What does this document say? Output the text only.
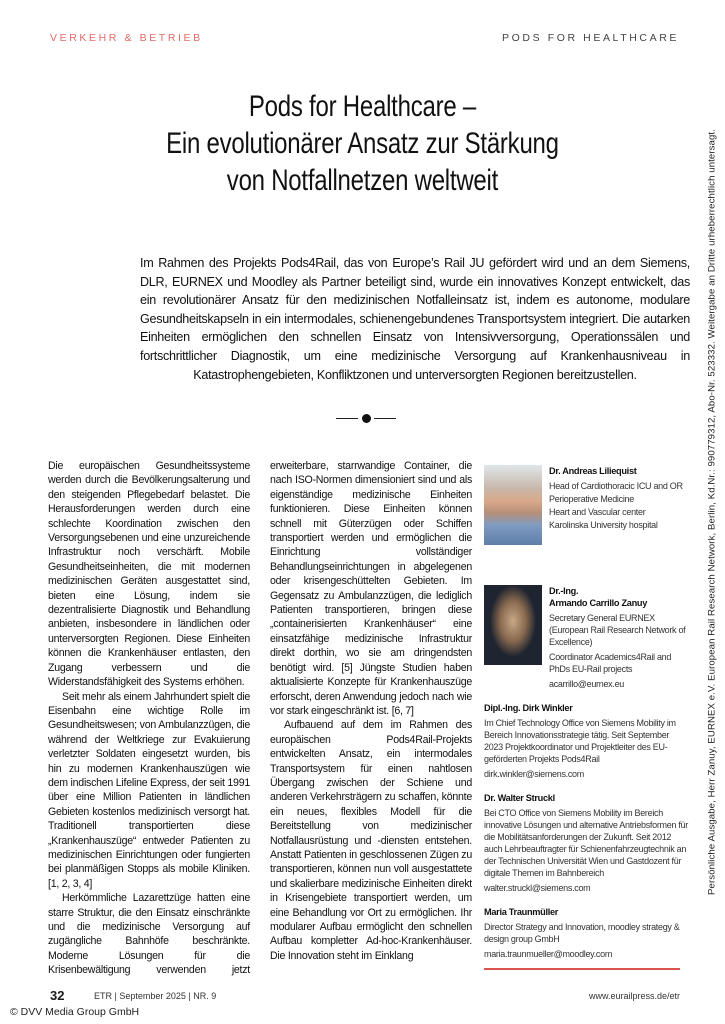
VERKEHR & BETRIEB	PODS FOR HEALTHCARE
Pods for Healthcare –
Ein evolutionärer Ansatz zur Stärkung
von Notfallnetzen weltweit
Im Rahmen des Projekts Pods4Rail, das von Europe’s Rail JU gefördert wird und an dem Siemens, DLR, EURNEX und Moodley als Partner beteiligt sind, wurde ein innovatives Konzept entwickelt, das ein revolutionärer Ansatz für den medizinischen Notfalleinsatz ist, indem es autonome, modulare Gesundheitskapseln in ein intermodales, schienengebundenes Transportsystem integriert. Die autarken Einheiten ermöglichen den schnellen Einsatz von Intensivversorgung, Operationssälen und fortschrittlicher Diagnostik, um eine medizinische Versorgung auf Krankenhausniveau in Katastrophengebieten, Konfliktzonen und unterversorgten Regionen bereitzustellen.

Die europäischen Gesundheitssysteme werden durch die Bevölkerungsalterung und den steigenden Pflegebedarf belastet. Die Herausforderungen werden durch eine schlechte Koordination zwischen den Versorgungsebenen und eine unzureichende Infrastruktur noch verschärft. Mobile Gesundheitseinheiten, die mit modernen medizinischen Geräten ausgestattet sind, bieten eine Lösung, indem sie dezentralisierte Diagnostik und Behandlung anbieten, insbesondere in ländlichen oder unterversorgten Regionen. Diese Einheiten können die Krankenhäuser entlasten, den Zugang verbessern und die Widerstandsfähigkeit des Systems erhöhen.

Seit mehr als einem Jahrhundert spielt die Eisenbahn eine wichtige Rolle im Gesundheitswesen; von Ambulanzzügen, die während der Weltkriege zur Evakuierung verletzter Soldaten eingesetzt wurden, bis hin zu modernen Krankenhauszügen wie dem indischen Lifeline Express, der seit 1991 über eine Million Patienten in ländlichen Gebieten kostenlos medizinisch versorgt hat. Traditionell transportierten diese „Krankenhauszüge“ entweder Patienten zu medizinischen Einrichtungen oder fungierten bei planmäßigen Stopps als mobile Kliniken. [1, 2, 3, 4]

Herkömmliche Lazarettzüge hatten eine starre Struktur, die den Einsatz einschränkte und die medizinische Versorgung auf zugängliche Bahnhöfe beschränkte. Moderne Lösungen für die Krisenbewältigung verwenden jetzt erweiterbare, starrwandige Container, die nach ISO-Normen dimensioniert sind und als eigenständige medizinische Einheiten funktionieren. Diese Einheiten können schnell mit Güterzügen oder Schiffen transportiert werden und ermöglichen die Einrichtung vollständiger Behandlungseinrichtungen in abgelegenen oder krisengeschüttelten Gebieten. Im Gegensatz zu Ambulanzzügen, die lediglich Patienten transportieren, bringen diese „containerisierten Krankenhäuser“ eine einsatzfähige medizinische Infrastruktur direkt dorthin, wo sie am dringendsten benötigt wird. [5] Jüngste Studien haben aktualisierte Konzepte für Krankenhauszüge erforscht, deren Anwendung jedoch nach wie vor stark eingeschränkt ist. [6, 7]

Aufbauend auf dem im Rahmen des europäischen Pods4Rail-Projekts entwickelten Ansatz, ein intermodales Transportsystem für einen nahtlosen Übergang zwischen der Schiene und anderen Verkehrsträgern zu schaffen, könnte ein neues, flexibles Modell für die Bereitstellung von medizinischer Notfallausrüstung und -diensten entstehen. Anstatt Patienten in geschlossenen Zügen zu transportieren, können nun voll ausgestattete und skalierbare medizinische Einheiten direkt in Krisengebiete transportiert werden, um eine Behandlung vor Ort zu ermöglichen. Ihr modularer Aufbau ermöglicht den schnellen Aufbau kompletter Ad-hoc-Krankenhäuser. Die Innovation steht im Einklang

Dr. Andreas Liliequist
Head of Cardiothoracic ICU and OR
Perioperative Medicine
Heart and Vascular center
Karolinska University hospital
Dr.-Ing.
Armando Carrillo Zanuy
Secretary General EURNEX (European Rail Research Network of Excellence)
Coordinator Academics4Rail and PhDs EU-Rail projects
acarrillo@eurnex.eu
Dipl.-Ing. Dirk Winkler
Im Chief Technology Office von Siemens Mobility im Bereich Innovationsstrategie tätig. Seit September 2023 Projektkoordinator und Projektleiter des EU-geförderten Projekts Pods4Rail
dirk.winkler@siemens.com
Dr. Walter Struckl
Bei CTO Office von Siemens Mobility im Bereich innovative Lösungen und alternative Antriebsformen für die Mobilitätsanforderungen der Zukunft. Seit 2012 auch Lehrbeauftragter für Schienenfahrzeugtechnik an der Technischen Universität Wien und Gastdozent für digitale Themen im Bahnbereich
walter.struckl@siemens.com
Maria Traunmüller
Director Strategy and Innovation, moodley strategy & design group GmbH
maria.traunmueller@moodley.com
32	ETR | September 2025 | NR. 9	www.eurailpress.de/etr
© DVV Media Group GmbH
Persönliche Ausgabe, Herr Zanuy, EURNEX e.V. European Rail Research Network, Berlin, Kd.Nr.: 990779312, Abo-Nr. 523332. Weitergabe an Dritte urheberrechtlich untersagt.
